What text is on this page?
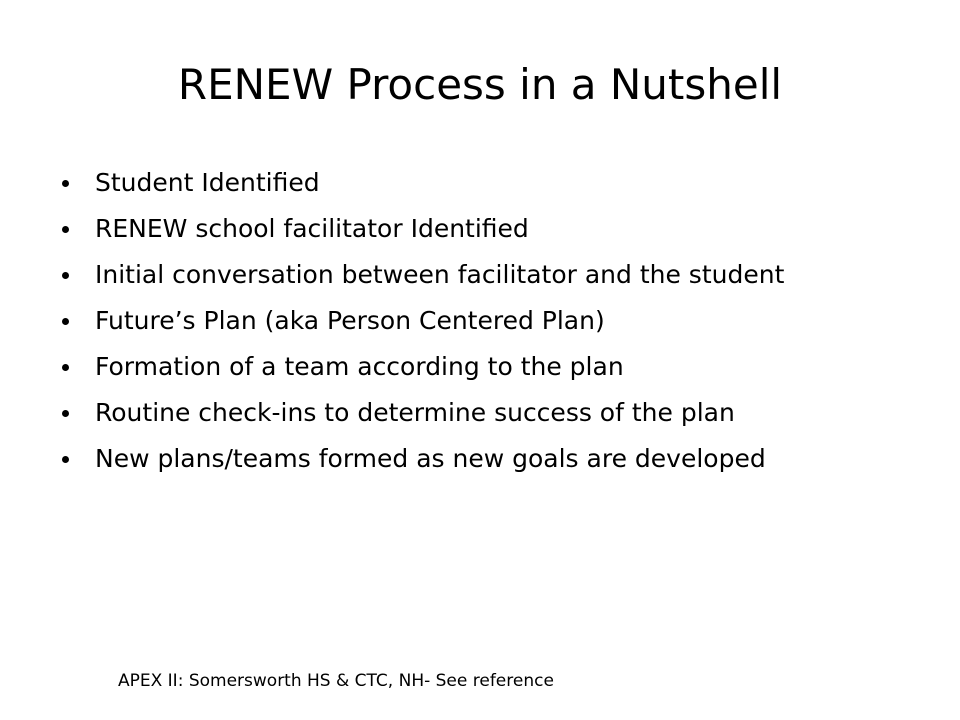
RENEW Process in a Nutshell
Student Identified
RENEW school facilitator Identified
Initial conversation between facilitator and the student
Future’s Plan (aka Person Centered Plan)
Formation of a team according to the plan
Routine check-ins to determine success of the plan
New plans/teams formed as new goals are developed

APEX II: Somersworth HS & CTC, NH- See reference
